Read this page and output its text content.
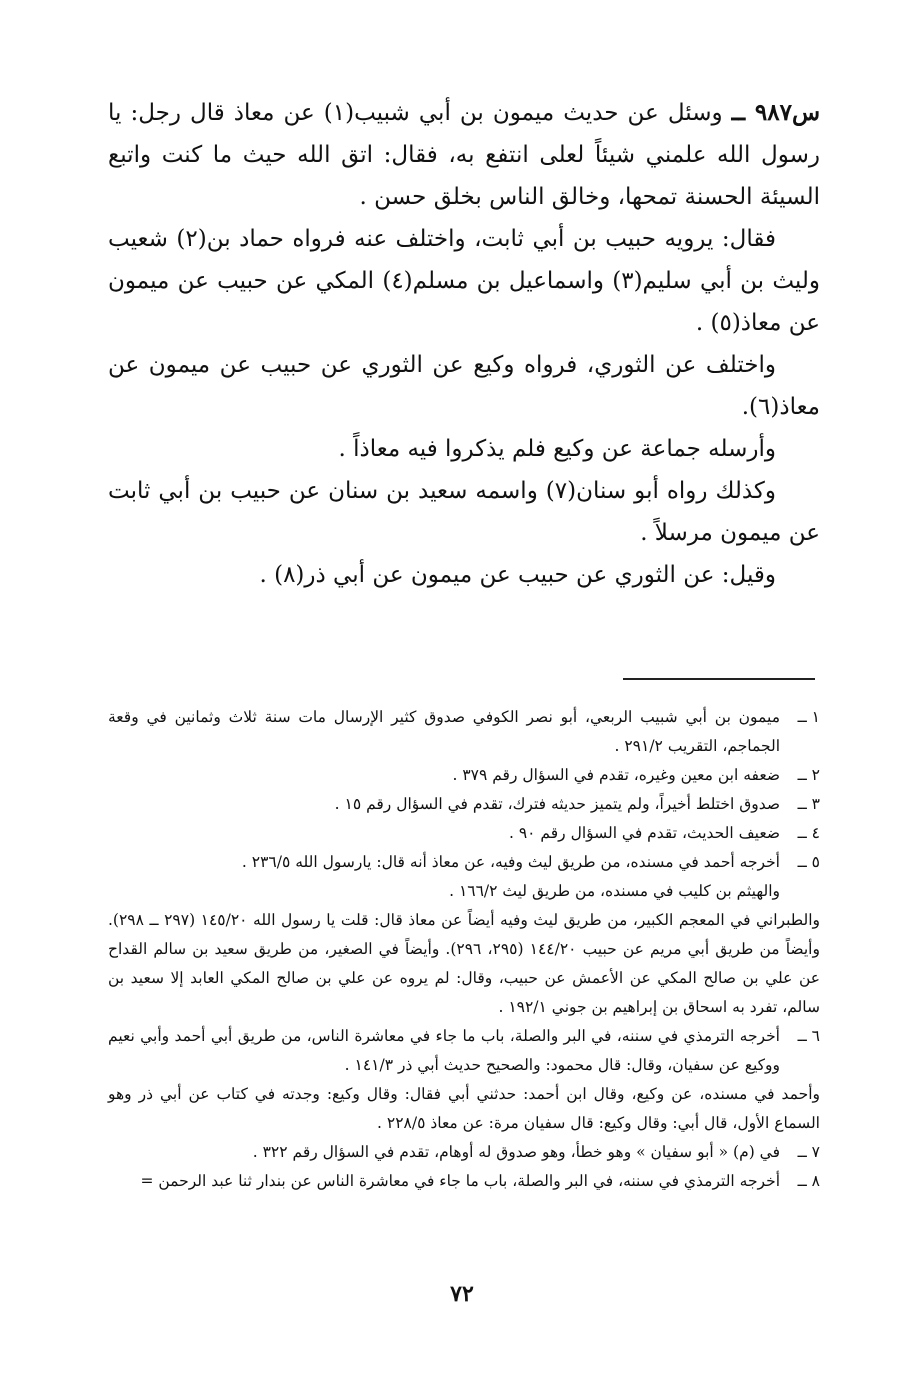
س٩٨٧ ــ وسئل عن حديث ميمون بن أبي شبيب(١) عن معاذ قال رجل: يا رسول الله علمني شيئاً لعلى انتفع به، فقال: اتق الله حيث ما كنت واتبع السيئة الحسنة تمحها، وخالق الناس بخلق حسن .

فقال: يرويه حبيب بن أبي ثابت، واختلف عنه فرواه حماد بن(٢) شعيب وليث بن أبي سليم(٣) واسماعيل بن مسلم(٤) المكي عن حبيب عن ميمون عن معاذ(٥) .

واختلف عن الثوري، فرواه وكيع عن الثوري عن حبيب عن ميمون عن معاذ(٦).

وأرسله جماعة عن وكيع فلم يذكروا فيه معاذاً .

وكذلك رواه أبو سنان(٧) واسمه سعيد بن سنان عن حبيب بن أبي ثابت عن ميمون مرسلاً .

وقيل: عن الثوري عن حبيب عن ميمون عن أبي ذر(٨) .

١ ــ
ميمون بن أبي شبيب الربعي، أبو نصر الكوفي صدوق كثير الإرسال مات سنة ثلاث وثمانين في وقعة الجماجم، التقريب ٢٩١/٢ .
٢ ــ
ضعفه ابن معين وغيره، تقدم في السؤال رقم ٣٧٩ .
٣ ــ
صدوق اختلط أخيراً، ولم يتميز حديثه فترك، تقدم في السؤال رقم ١٥ .
٤ ــ
ضعيف الحديث، تقدم في السؤال رقم ٩٠ .
٥ ــ
أخرجه أحمد في مسنده، من طريق ليث وفيه، عن معاذ أنه قال: يارسول الله ٢٣٦/٥ .
والهيثم بن كليب في مسنده، من طريق ليث ١٦٦/٢ .
والطبراني في المعجم الكبير، من طريق ليث وفيه أيضاً عن معاذ قال: قلت يا رسول الله ١٤٥/٢٠ (٢٩٧ ــ ٢٩٨). وأيضاً من طريق أبي مريم عن حبيب ١٤٤/٢٠ (٢٩٥، ٢٩٦). وأيضاً في الصغير، من طريق سعيد بن سالم القداح عن علي بن صالح المكي عن الأعمش عن حبيب، وقال: لم يروه عن علي بن صالح المكي العابد إلا سعيد بن سالم، تفرد به اسحاق بن إبراهيم بن جوني ١٩٢/١ .
٦ ــ
أخرجه الترمذي في سننه، في البر والصلة، باب ما جاء في معاشرة الناس، من طريق أبي أحمد وأبي نعيم ووكيع عن سفيان، وقال: قال محمود: والصحيح حديث أبي ذر ١٤١/٣ .
وأحمد في مسنده، عن وكيع، وقال ابن أحمد: حدثني أبي فقال: وقال وكيع: وجدته في كتاب عن أبي ذر وهو السماع الأول، قال أبي: وقال وكيع: قال سفيان مرة: عن معاذ ٢٢٨/٥ .
٧ ــ
في (م) « أبو سفيان » وهو خطأ، وهو صدوق له أوهام، تقدم في السؤال رقم ٣٢٢ .
٨ ــ
أخرجه الترمذي في سننه، في البر والصلة، باب ما جاء في معاشرة الناس عن بندار ثنا عبد الرحمن =
٧٢
